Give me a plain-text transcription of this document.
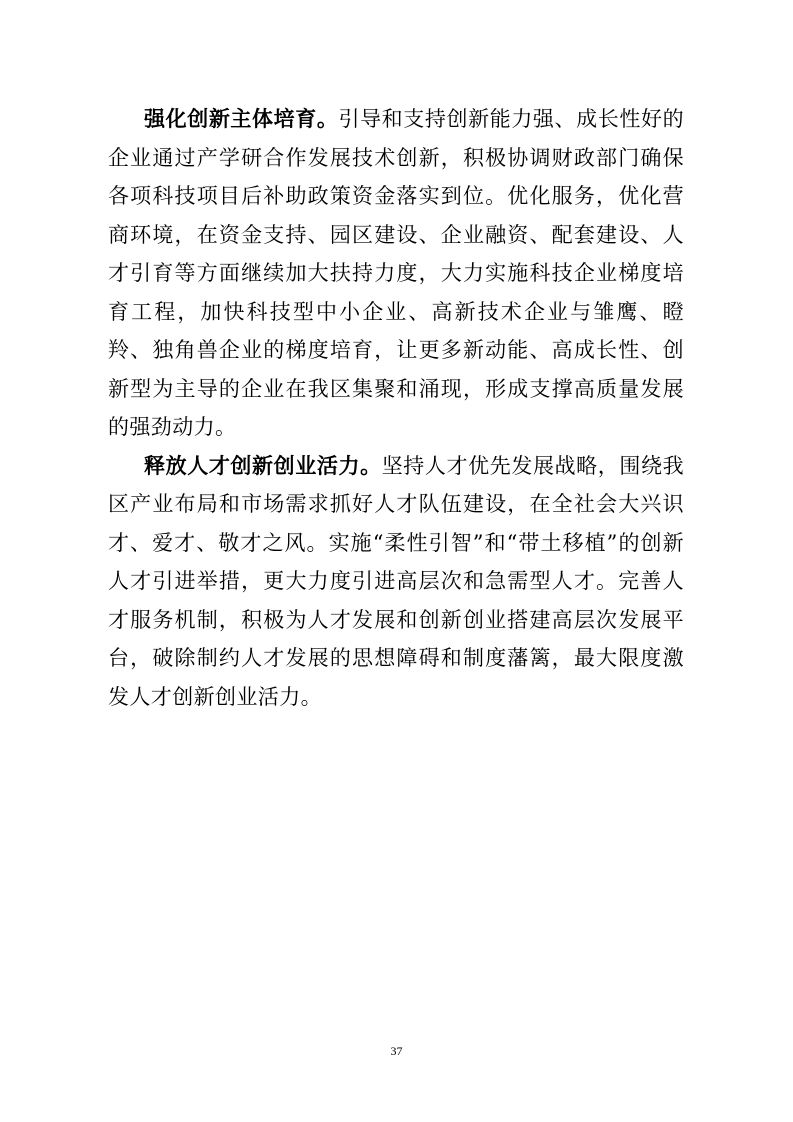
强化创新主体培育。引导和支持创新能力强、成长性好的企业通过产学研合作发展技术创新，积极协调财政部门确保各项科技项目后补助政策资金落实到位。优化服务，优化营商环境，在资金支持、园区建设、企业融资、配套建设、人才引育等方面继续加大扶持力度，大力实施科技企业梯度培育工程，加快科技型中小企业、高新技术企业与雏鹰、瞪羚、独角兽企业的梯度培育，让更多新动能、高成长性、创新型为主导的企业在我区集聚和涌现，形成支撑高质量发展的强劲动力。

释放人才创新创业活力。坚持人才优先发展战略，围绕我区产业布局和市场需求抓好人才队伍建设，在全社会大兴识才、爱才、敬才之风。实施“柔性引智”和“带土移植”的创新人才引进举措，更大力度引进高层次和急需型人才。完善人才服务机制，积极为人才发展和创新创业搭建高层次发展平台，破除制约人才发展的思想障碍和制度藩篱，最大限度激发人才创新创业活力。

37
